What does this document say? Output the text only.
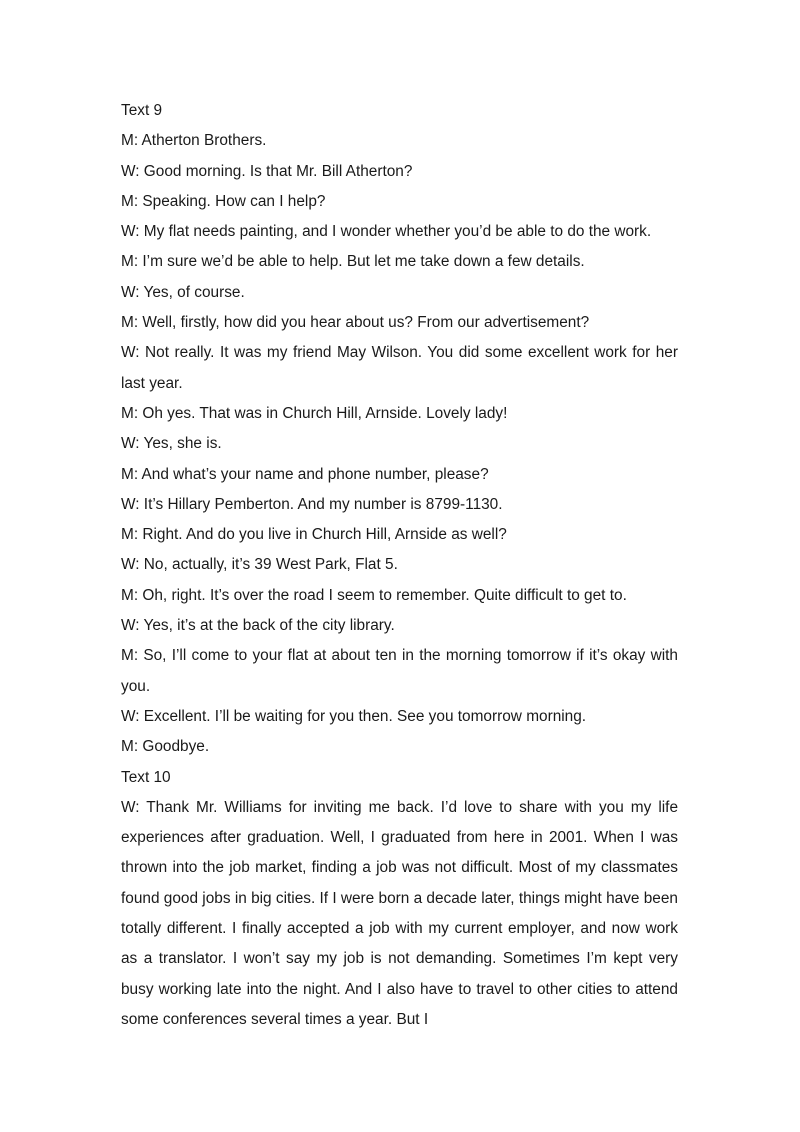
Text 9

M: Atherton Brothers.

W: Good morning. Is that Mr. Bill Atherton?

M: Speaking. How can I help?

W: My flat needs painting, and I wonder whether you’d be able to do the work.

M: I’m sure we’d be able to help. But let me take down a few details.

W: Yes, of course.

M: Well, firstly, how did you hear about us? From our advertisement?

W: Not really. It was my friend May Wilson. You did some excellent work for her last year.

M: Oh yes. That was in Church Hill, Arnside. Lovely lady!

W: Yes, she is.

M: And what’s your name and phone number, please?

W: It’s Hillary Pemberton. And my number is 8799-1130.

M: Right. And do you live in Church Hill, Arnside as well?

W: No, actually, it’s 39 West Park, Flat 5.

M: Oh, right. It’s over the road I seem to remember. Quite difficult to get to.

W: Yes, it’s at the back of the city library.

M: So, I’ll come to your flat at about ten in the morning tomorrow if it’s okay with you.

W: Excellent. I’ll be waiting for you then. See you tomorrow morning.

M: Goodbye.

Text 10

W: Thank Mr. Williams for inviting me back. I’d love to share with you my life experiences after graduation. Well, I graduated from here in 2001. When I was thrown into the job market, finding a job was not difficult. Most of my classmates found good jobs in big cities. If I were born a decade later, things might have been totally different. I finally accepted a job with my current employer, and now work as a translator. I won’t say my job is not demanding. Sometimes I’m kept very busy working late into the night. And I also have to travel to other cities to attend some conferences several times a year. But I
